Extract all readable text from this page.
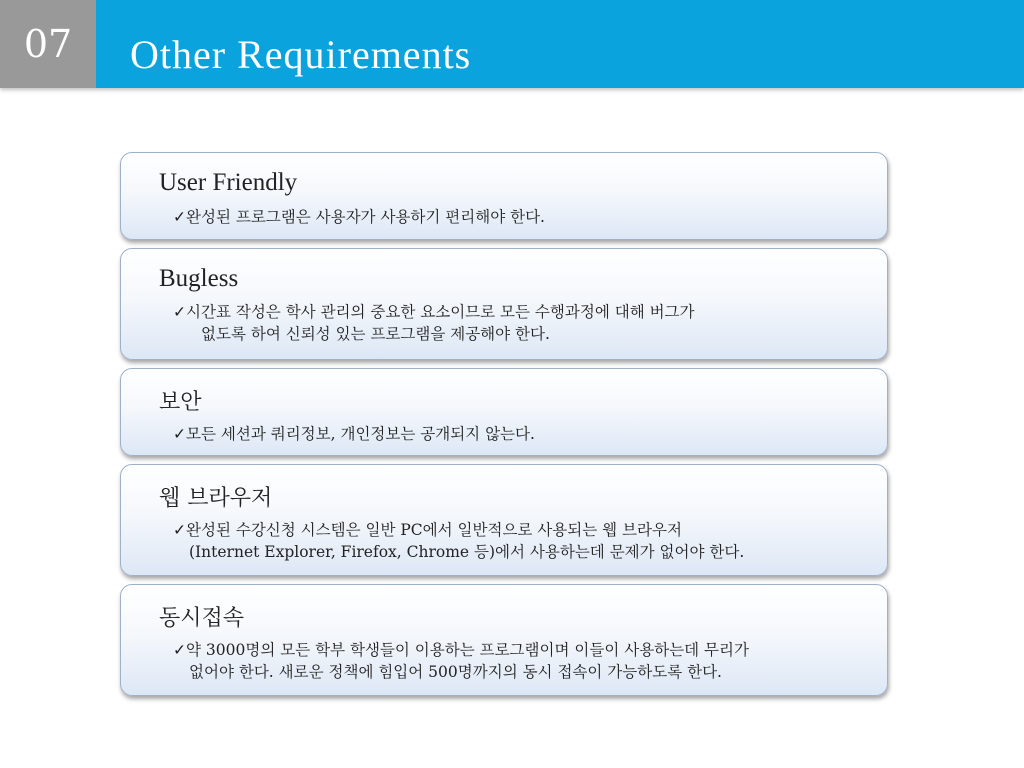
07	Other Requirements
User Friendly
✓완성된 프로그램은 사용자가 사용하기 편리해야 한다.
Bugless
✓시간표 작성은 학사 관리의 중요한 요소이므로 모든 수행과정에 대해 버그가
없도록 하여 신뢰성 있는 프로그램을 제공해야 한다.
보안
✓모든 세션과 쿼리정보, 개인정보는 공개되지 않는다.
웹 브라우저
✓완성된 수강신청 시스템은 일반 PC에서 일반적으로 사용되는 웹 브라우저
(Internet Explorer, Firefox, Chrome 등)에서 사용하는데 문제가 없어야 한다.
동시접속
✓약 3000명의 모든 학부 학생들이 이용하는 프로그램이며 이들이 사용하는데 무리가
없어야 한다. 새로운 정책에 힘입어 500명까지의 동시 접속이 가능하도록 한다.
